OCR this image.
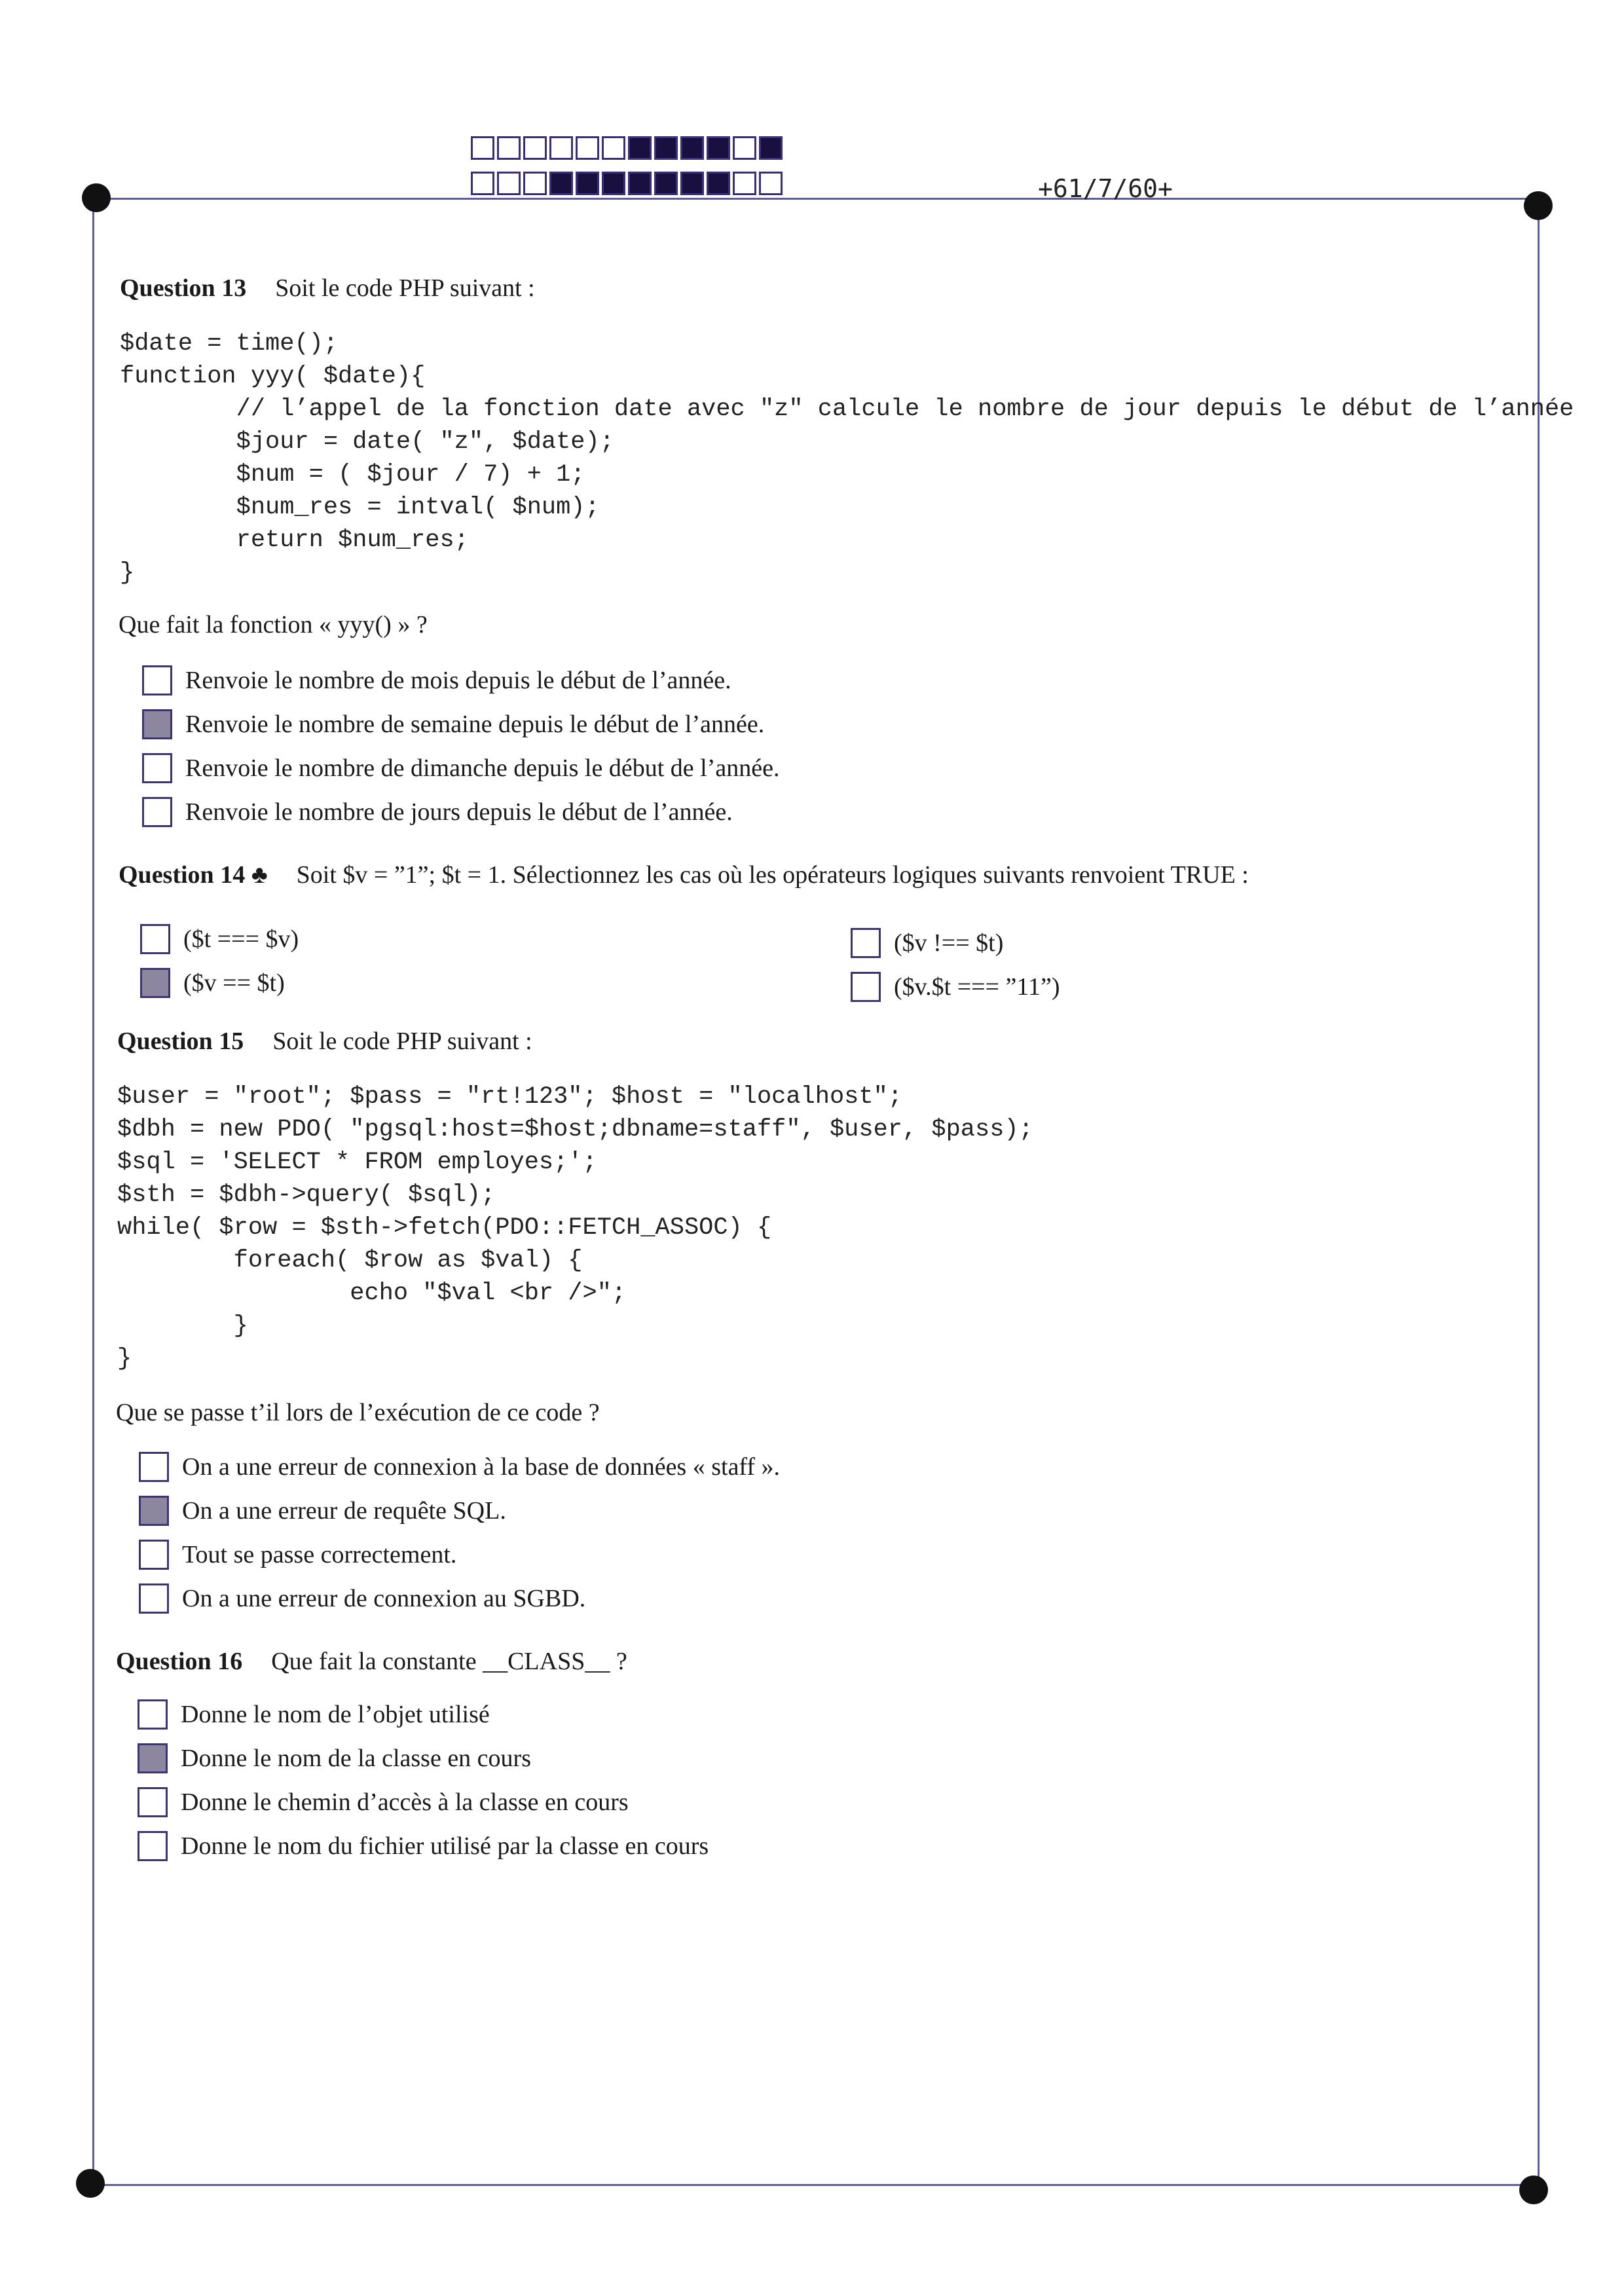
+61/7/60+
Question 13 Soit le code PHP suivant :
$date = time();
function yyy( $date){
// l’appel de la fonction date avec "z" calcule le nombre de jour depuis le début de l’année
$jour = date( "z", $date);
$num = ( $jour / 7) + 1;
$num_res = intval( $num);
return $num_res;
}
Que fait la fonction « yyy() » ?
Renvoie le nombre de mois depuis le début de l’année.
Renvoie le nombre de semaine depuis le début de l’année.
Renvoie le nombre de dimanche depuis le début de l’année.
Renvoie le nombre de jours depuis le début de l’année.
Question 14 ♣ Soit $v = ”1”; $t = 1. Sélectionnez les cas où les opérateurs logiques suivants renvoient TRUE :
($t === $v)
($v == $t)
($v !== $t)
($v.$t === ”11”)
Question 15 Soit le code PHP suivant :
$user = "root"; $pass = "rt!123"; $host = "localhost";
$dbh = new PDO( "pgsql:host=$host;dbname=staff", $user, $pass);
$sql = 'SELECT * FROM employes;';
$sth = $dbh->query( $sql);
while( $row = $sth->fetch(PDO::FETCH_ASSOC) {
foreach( $row as $val) {
echo "$val <br />";
}
}
Que se passe t’il lors de l’exécution de ce code ?
On a une erreur de connexion à la base de données « staff ».
On a une erreur de requête SQL.
Tout se passe correctement.
On a une erreur de connexion au SGBD.
Question 16 Que fait la constante __CLASS__ ?
Donne le nom de l’objet utilisé
Donne le nom de la classe en cours
Donne le chemin d’accès à la classe en cours
Donne le nom du fichier utilisé par la classe en cours
